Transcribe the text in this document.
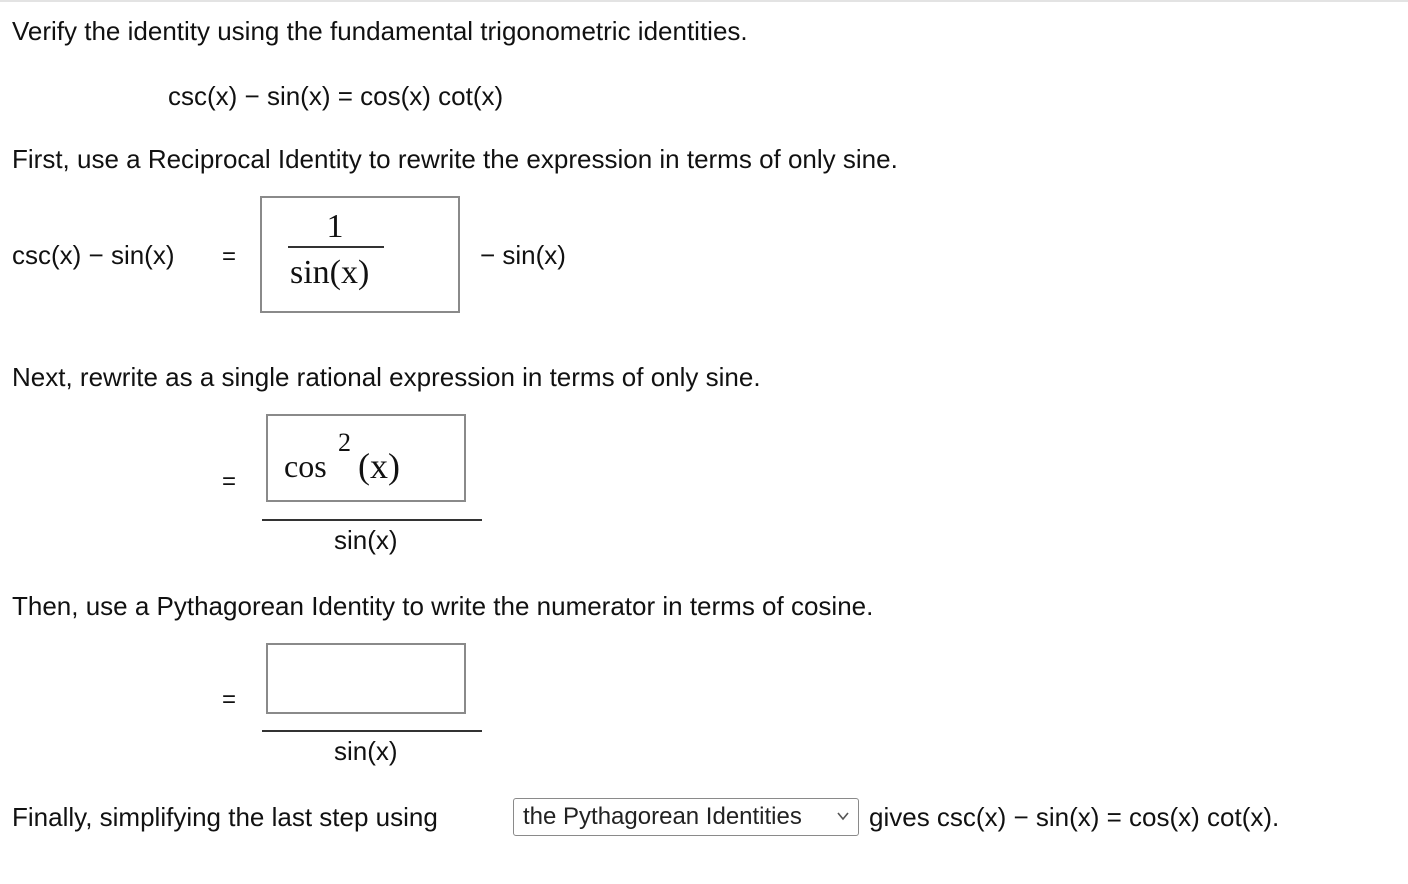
Verify the identity using the fundamental trigonometric identities.
csc(x) − sin(x) = cos(x) cot(x)
First, use a Reciprocal Identity to rewrite the expression in terms of only sine.
csc(x) − sin(x) =
1
sin(x)	− sin(x)
Next, rewrite as a single rational expression in terms of only sine.
= cos
2
(x)
sin(x)
Then, use a Pythagorean Identity to write the numerator in terms of cosine.
=
sin(x)
Finally, simplifying the last step using	the Pythagorean Identities	gives csc(x) − sin(x) = cos(x) cot(x).
